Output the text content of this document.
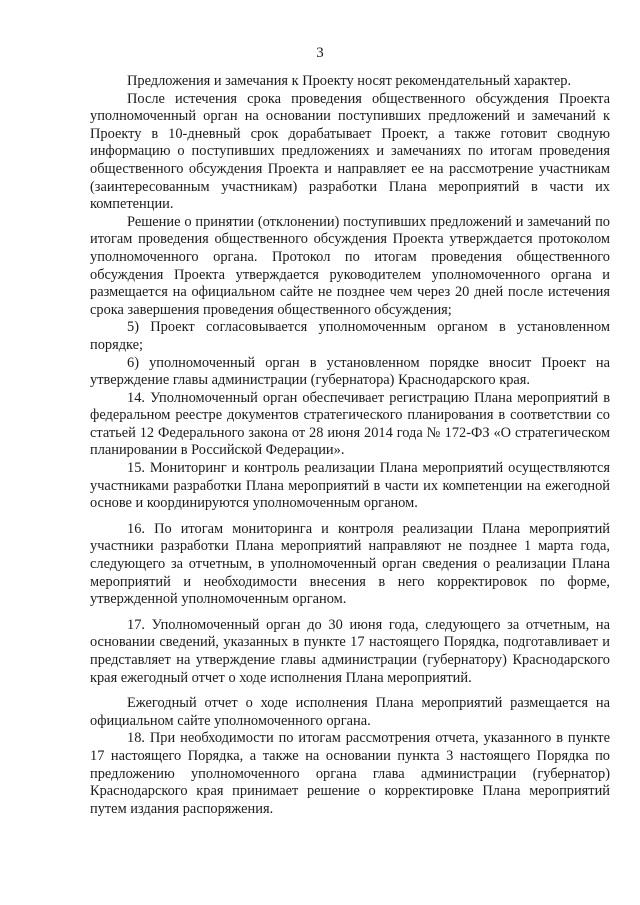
3

Предложения и замечания к Проекту носят рекомендательный характер.

После истечения срока проведения общественного обсуждения Проекта уполномоченный орган на основании поступивших предложений и замечаний к Проекту в 10-дневный срок дорабатывает Проект, а также готовит сводную информацию о поступивших предложениях и замечаниях по итогам проведения общественного обсуждения Проекта и направляет ее на рассмотрение участникам (заинтересованным участникам) разработки Плана мероприятий в части их компетенции.

Решение о принятии (отклонении) поступивших предложений и замечаний по итогам проведения общественного обсуждения Проекта утверждается протоколом уполномоченного органа. Протокол по итогам проведения общественного обсуждения Проекта утверждается руководителем уполномоченного органа и размещается на официальном сайте не позднее чем через 20 дней после истечения срока завершения проведения общественного обсуждения;

5) Проект согласовывается уполномоченным органом в установленном порядке;

6) уполномоченный орган в установленном порядке вносит Проект на утверждение главы администрации (губернатора) Краснодарского края.

14. Уполномоченный орган обеспечивает регистрацию Плана мероприятий в федеральном реестре документов стратегического планирования в соответствии со статьей 12 Федерального закона от 28 июня 2014 года № 172-ФЗ «О стратегическом планировании в Российской Федерации».

15. Мониторинг и контроль реализации Плана мероприятий осуществляются участниками разработки Плана мероприятий в части их компетенции на ежегодной основе и координируются уполномоченным органом.

16. По итогам мониторинга и контроля реализации Плана мероприятий участники разработки Плана мероприятий направляют не позднее 1 марта года, следующего за отчетным, в уполномоченный орган сведения о реализации Плана мероприятий и необходимости внесения в него корректировок по форме, утвержденной уполномоченным органом.

17. Уполномоченный орган до 30 июня года, следующего за отчетным, на основании сведений, указанных в пункте 17 настоящего Порядка, подготавливает и представляет на утверждение главы администрации (губернатору) Краснодарского края ежегодный отчет о ходе исполнения Плана мероприятий.

Ежегодный отчет о ходе исполнения Плана мероприятий размещается на официальном сайте уполномоченного органа.

18. При необходимости по итогам рассмотрения отчета, указанного в пункте 17 настоящего Порядка, а также на основании пункта 3 настоящего Порядка по предложению уполномоченного органа глава администрации (губернатор) Краснодарского края принимает решение о корректировке Плана мероприятий путем издания распоряжения.
